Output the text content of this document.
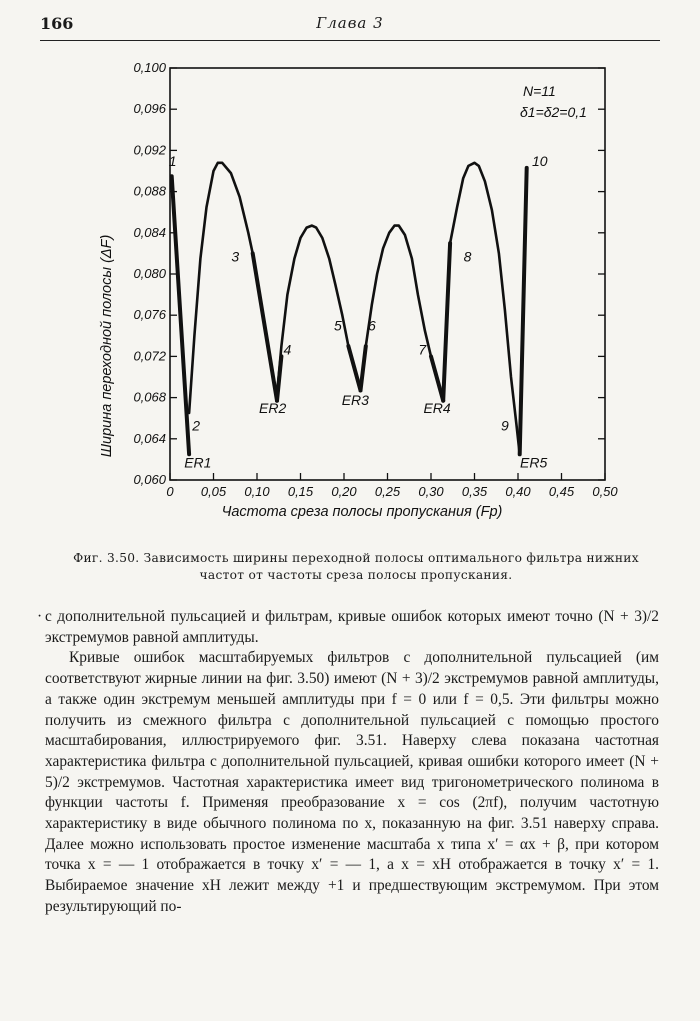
166	Глава 3
0 0,05 0,10 0,15 0,20 0,25 0,30 0,35 0,40 0,45 0,50
0,060
0,064
0,068
0,072
0,076
0,080
0,084
0,088
0,092
0,096
0,100
1
2
3
4
5 6
7
8
9
10
ER1
ER2
ER3
ER4
ER5
N=11
δ1=δ2=0,1
Частота среза полосы пропускания (Fp)
Ширина переходной полосы (ΔF)
Фиг. 3.50. Зависимость ширины переходной полосы оптимального фильтра нижних частот от частоты среза полосы пропускания.

· с дополнительной пульсацией и фильтрам, кривые ошибок которых имеют точно (N + 3)/2 экстремумов равной амплитуды.

Кривые ошибок масштабируемых фильтров с дополнительной пульсацией (им соответствуют жирные линии на фиг. 3.50) имеют (N + 3)/2 экстремумов равной амплитуды, а также один экстремум меньшей амплитуды при f = 0 или f = 0,5. Эти фильтры можно получить из смежного фильтра с дополнительной пульсацией с помощью простого масштабирования, иллюстрируемого фиг. 3.51. Наверху слева показана частотная характеристика фильтра с дополнительной пульсацией, кривая ошибки которого имеет (N + 5)/2 экстремумов. Частотная характеристика имеет вид тригонометрического полинома в функции частоты f. Применяя преобразование x = cos (2πf), получим частотную характеристику в виде обычного полинома по x, показанную на фиг. 3.51 наверху справа. Далее можно использовать простое изменение масштаба x типа x′ = αx + β, при котором точка x = — 1 отображается в точку x′ = — 1, а x = xH отображается в точку x′ = 1. Выбираемое значение xH лежит между +1 и предшествующим экстремумом. При этом результирующий по-
